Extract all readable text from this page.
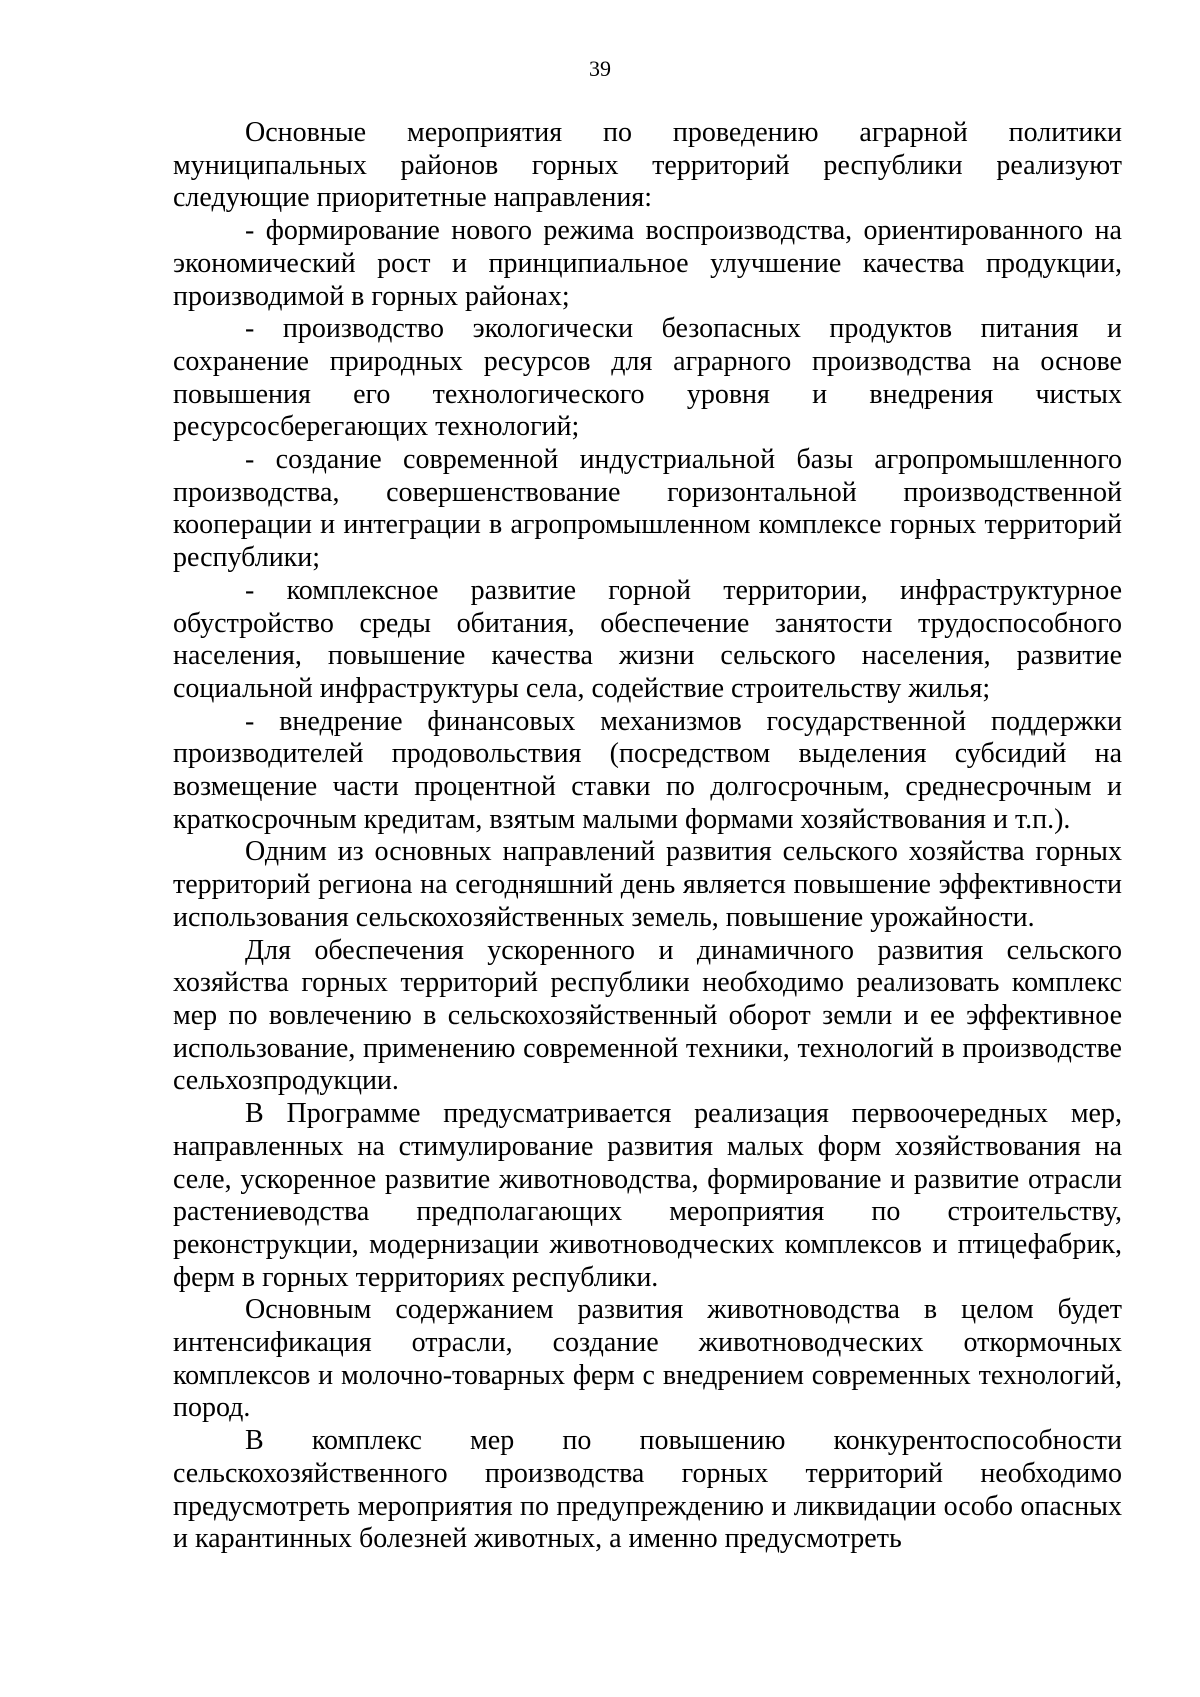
39

Основные мероприятия по проведению аграрной политики муниципальных районов горных территорий республики реализуют следующие приоритетные направления:

- формирование нового режима воспроизводства, ориентированного на экономический рост и принципиальное улучшение качества продукции, производимой в горных районах;

- производство экологически безопасных продуктов питания и сохранение природных ресурсов для аграрного производства на основе повышения его технологического уровня и внедрения чистых ресурсосберегающих технологий;

- создание современной индустриальной базы агропромышленного производства, совершенствование горизонтальной производственной кооперации и интеграции в агропромышленном комплексе горных территорий республики;

- комплексное развитие горной территории, инфраструктурное обустройство среды обитания, обеспечение занятости трудоспособного населения, повышение качества жизни сельского населения, развитие социальной инфраструктуры села, содействие строительству жилья;

- внедрение финансовых механизмов государственной поддержки производителей продовольствия (посредством выделения субсидий на возмещение части процентной ставки по долгосрочным, среднесрочным и краткосрочным кредитам, взятым малыми формами хозяйствования и т.п.).

Одним из основных направлений развития сельского хозяйства горных территорий региона на сегодняшний день является повышение эффективности использования сельскохозяйственных земель, повышение урожайности.

Для обеспечения ускоренного и динамичного развития сельского хозяйства горных территорий республики необходимо реализовать комплекс мер по вовлечению в сельскохозяйственный оборот земли и ее эффективное использование, применению современной техники, технологий в производстве сельхозпродукции.

В Программе предусматривается реализация первоочередных мер, направленных на стимулирование развития малых форм хозяйствования на селе, ускоренное развитие животноводства, формирование и развитие отрасли растениеводства предполагающих мероприятия по строительству, реконструкции, модернизации животноводческих комплексов и птицефабрик, ферм в горных территориях республики.

Основным содержанием развития животноводства в целом будет интенсификация отрасли, создание животноводческих откормочных комплексов и молочно-товарных ферм с внедрением современных технологий, пород.

В комплекс мер по повышению конкурентоспособности сельскохозяйственного производства горных территорий необходимо предусмотреть мероприятия по предупреждению и ликвидации особо опасных и карантинных болезней животных, а именно предусмотреть
